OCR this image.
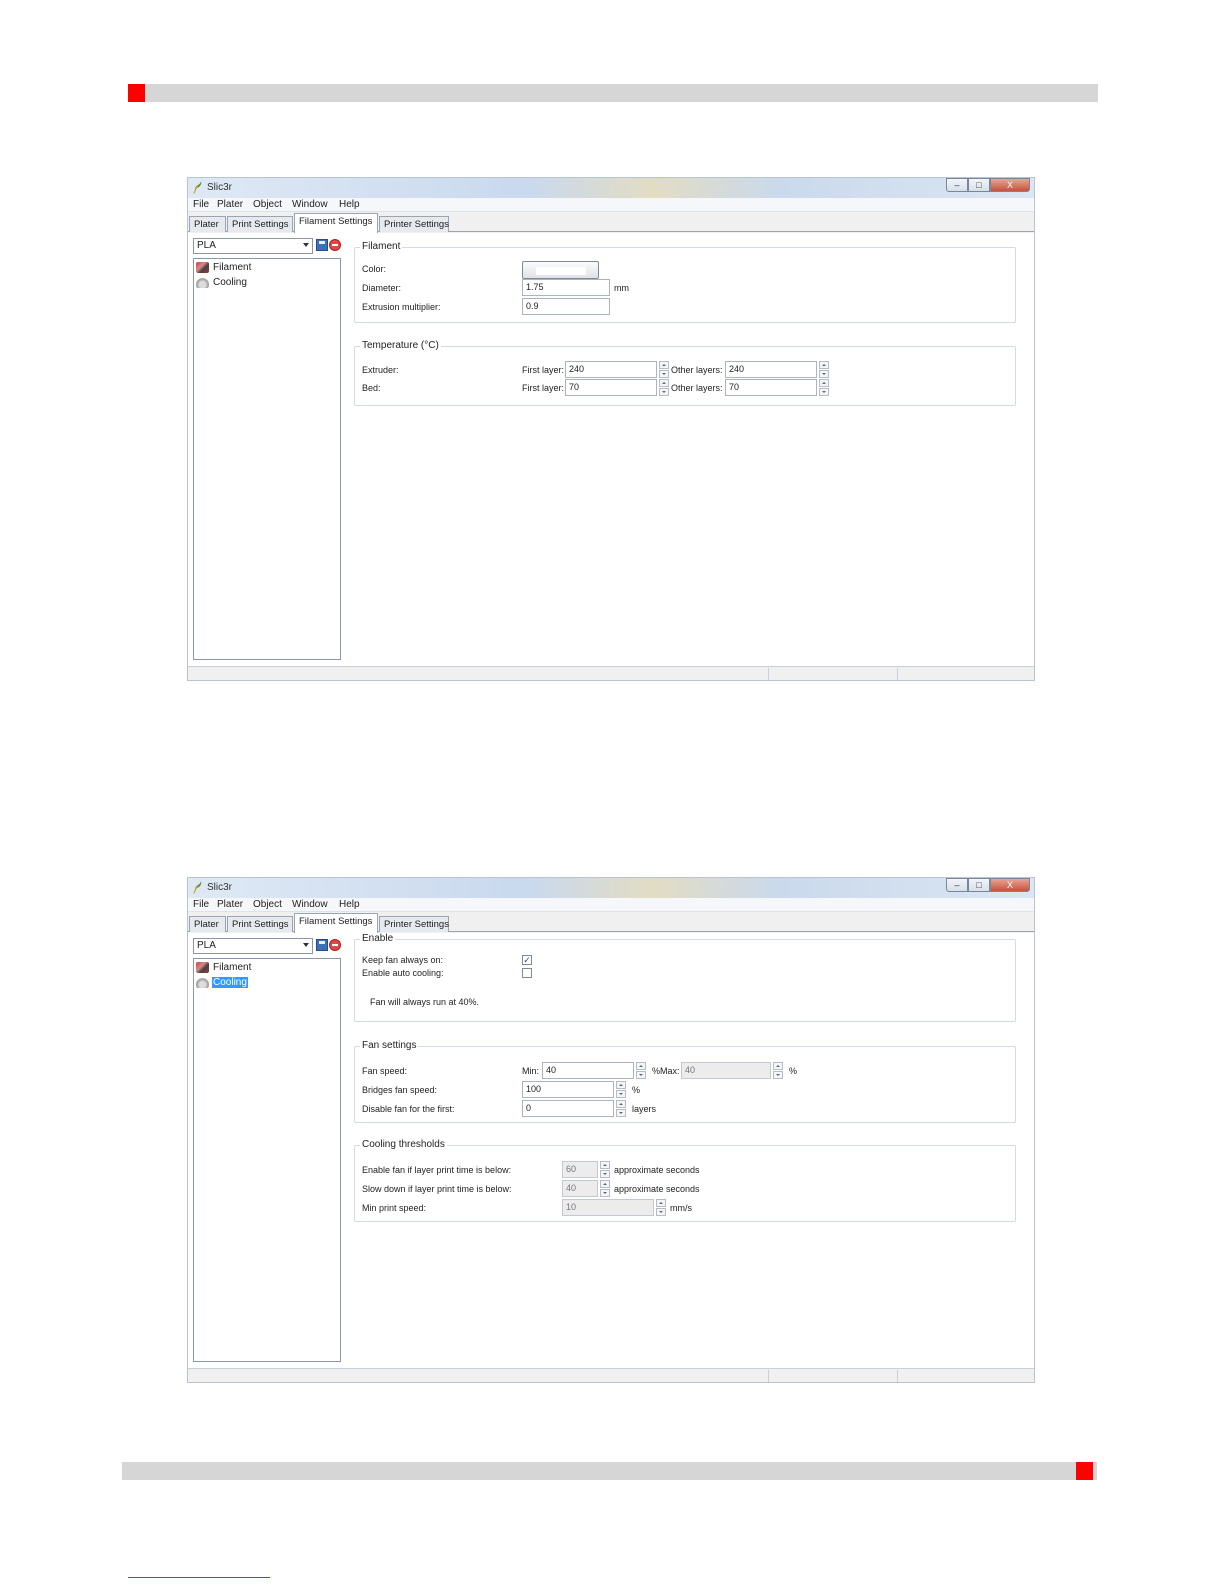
Slic3r	–	□	X
File Plater Object Window Help
Plater	Print Settings	Filament Settings	Printer Settings
PLA
Filament
Cooling
Filament
Color:
Diameter:	1.75	mm
Extrusion multiplier:	0.9
Temperature (°C)
Extruder:	First layer: 240	Other layers: 240
Bed:	First layer: 70	Other layers: 70
Slic3r	–	□	X
File Plater Object Window Help
Plater	Print Settings	Filament Settings	Printer Settings
PLA
Filament
Cooling
Enable
Keep fan always on:	✓
Enable auto cooling:
Fan will always run at 40%.
Fan settings
Fan speed:	Min: 40	%Max: 40	%
Bridges fan speed:	100	%
Disable fan for the first:	0	layers
Cooling thresholds
Enable fan if layer print time is below:	60	approximate seconds
Slow down if layer print time is below:	40	approximate seconds
Min print speed:	10	mm/s
